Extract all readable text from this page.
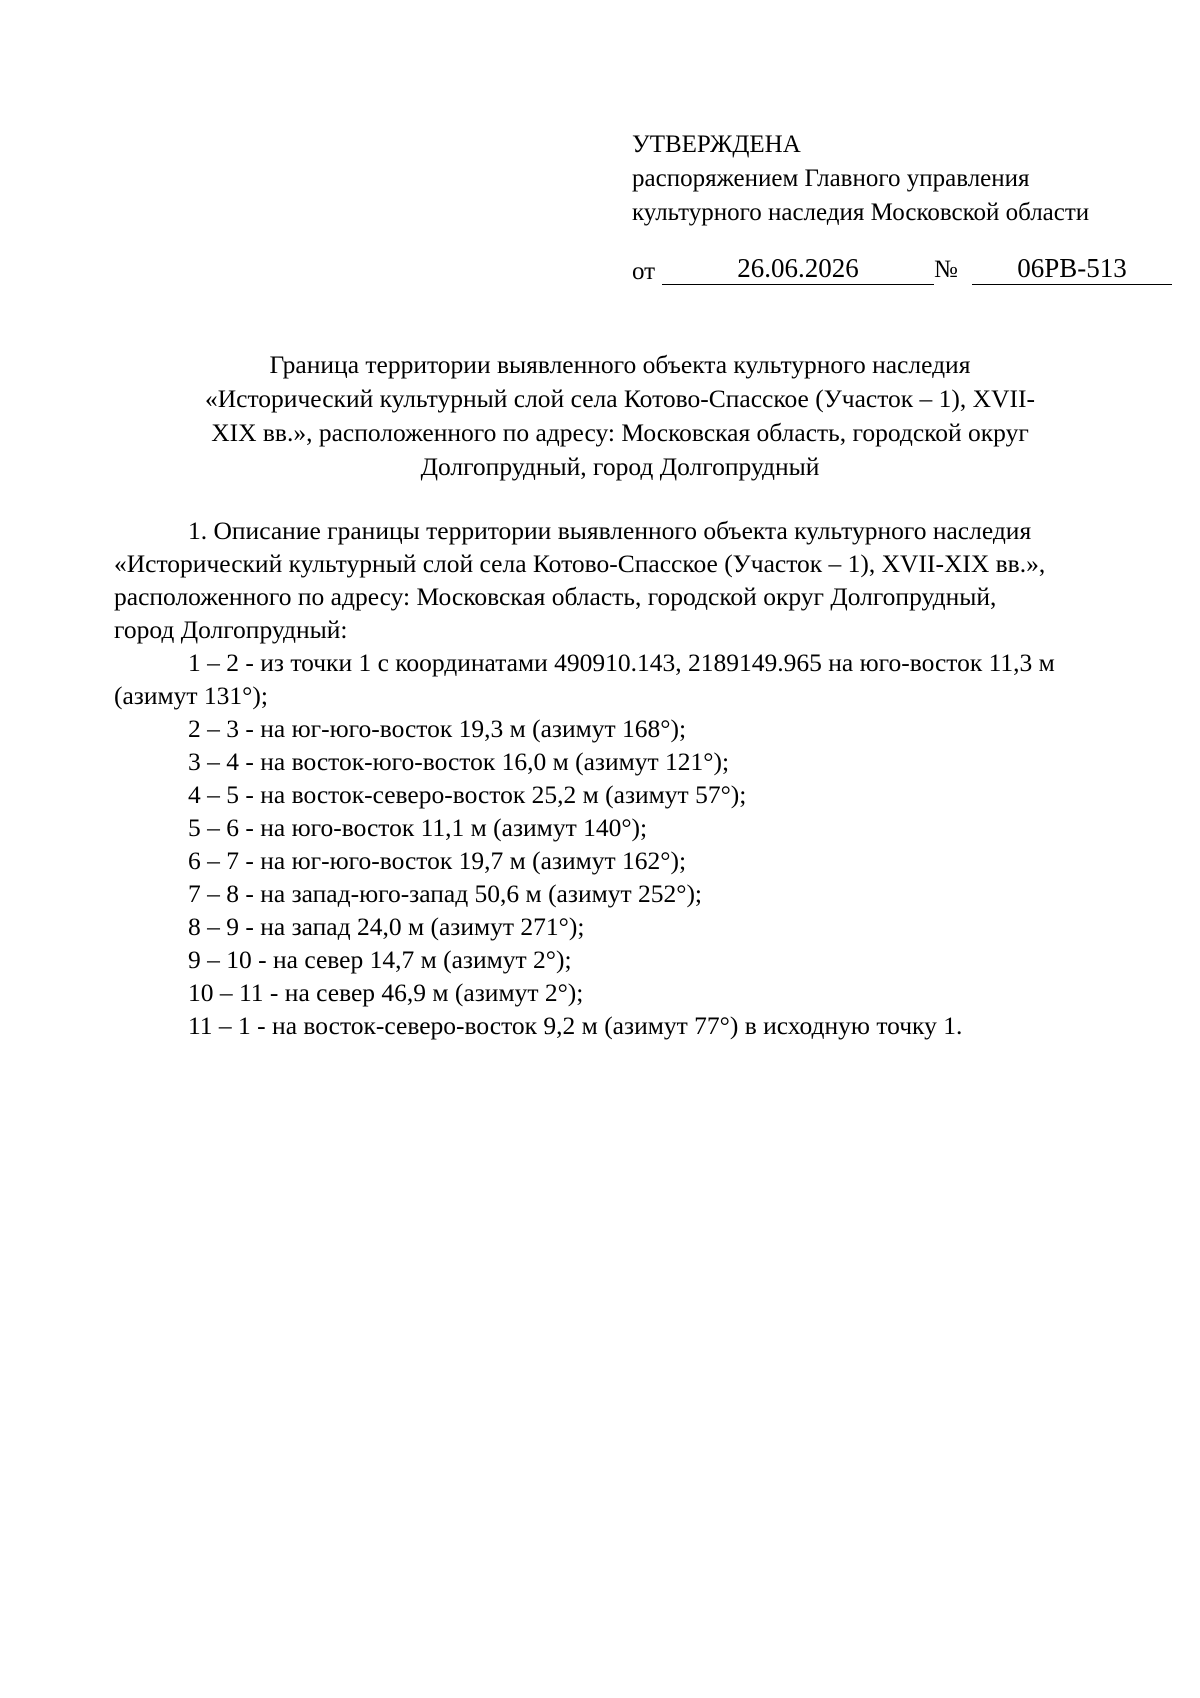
УТВЕРЖДЕНА
распоряжением Главного управления
культурного наследия Московской области
от	26.06.2026	№	06РВ-513
Граница территории выявленного объекта культурного наследия
«Исторический культурный слой села Котово-Спасское (Участок – 1), XVII-
XIX вв.», расположенного по адресу: Московская область, городской округ
Долгопрудный, город Долгопрудный

1. Описание границы территории выявленного объекта культурного наследия

«Исторический культурный слой села Котово-Спасское (Участок – 1), XVII-XIX вв.»,

расположенного по адресу: Московская область, городской округ Долгопрудный,

город Долгопрудный:

1 – 2 - из точки 1 с координатами 490910.143, 2189149.965 на юго-восток 11,3 м

(азимут 131°);

2 – 3 - на юг-юго-восток 19,3 м (азимут 168°);

3 – 4 - на восток-юго-восток 16,0 м (азимут 121°);

4 – 5 - на восток-северо-восток 25,2 м (азимут 57°);

5 – 6 - на юго-восток 11,1 м (азимут 140°);

6 – 7 - на юг-юго-восток 19,7 м (азимут 162°);

7 – 8 - на запад-юго-запад 50,6 м (азимут 252°);

8 – 9 - на запад 24,0 м (азимут 271°);

9 – 10 - на север 14,7 м (азимут 2°);

10 – 11 - на север 46,9 м (азимут 2°);

11 – 1 - на восток-северо-восток 9,2 м (азимут 77°) в исходную точку 1.
